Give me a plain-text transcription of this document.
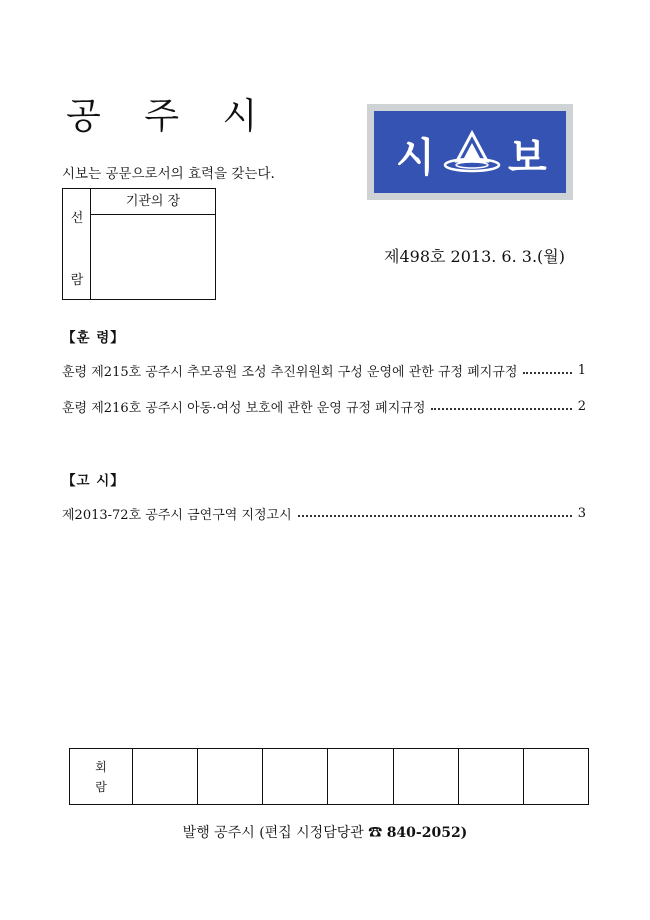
공 주 시
시보는 공문으로서의 효력을 갖는다.
선
람
기관의 장
시 보
제498호 2013. 6. 3.(월)
【훈 령】
훈령 제215호 공주시 추모공원 조성 추진위원회 구성 운영에 관한 규정 폐지규정	1
훈령 제216호 공주시 아동·여성 보호에 관한 운영 규정 폐지규정	2
【고 시】
제2013-72호 공주시 금연구역 지정고시	3
회
람							
발행 공주시 (편집 시정담당관 ☎ 840-2052)
